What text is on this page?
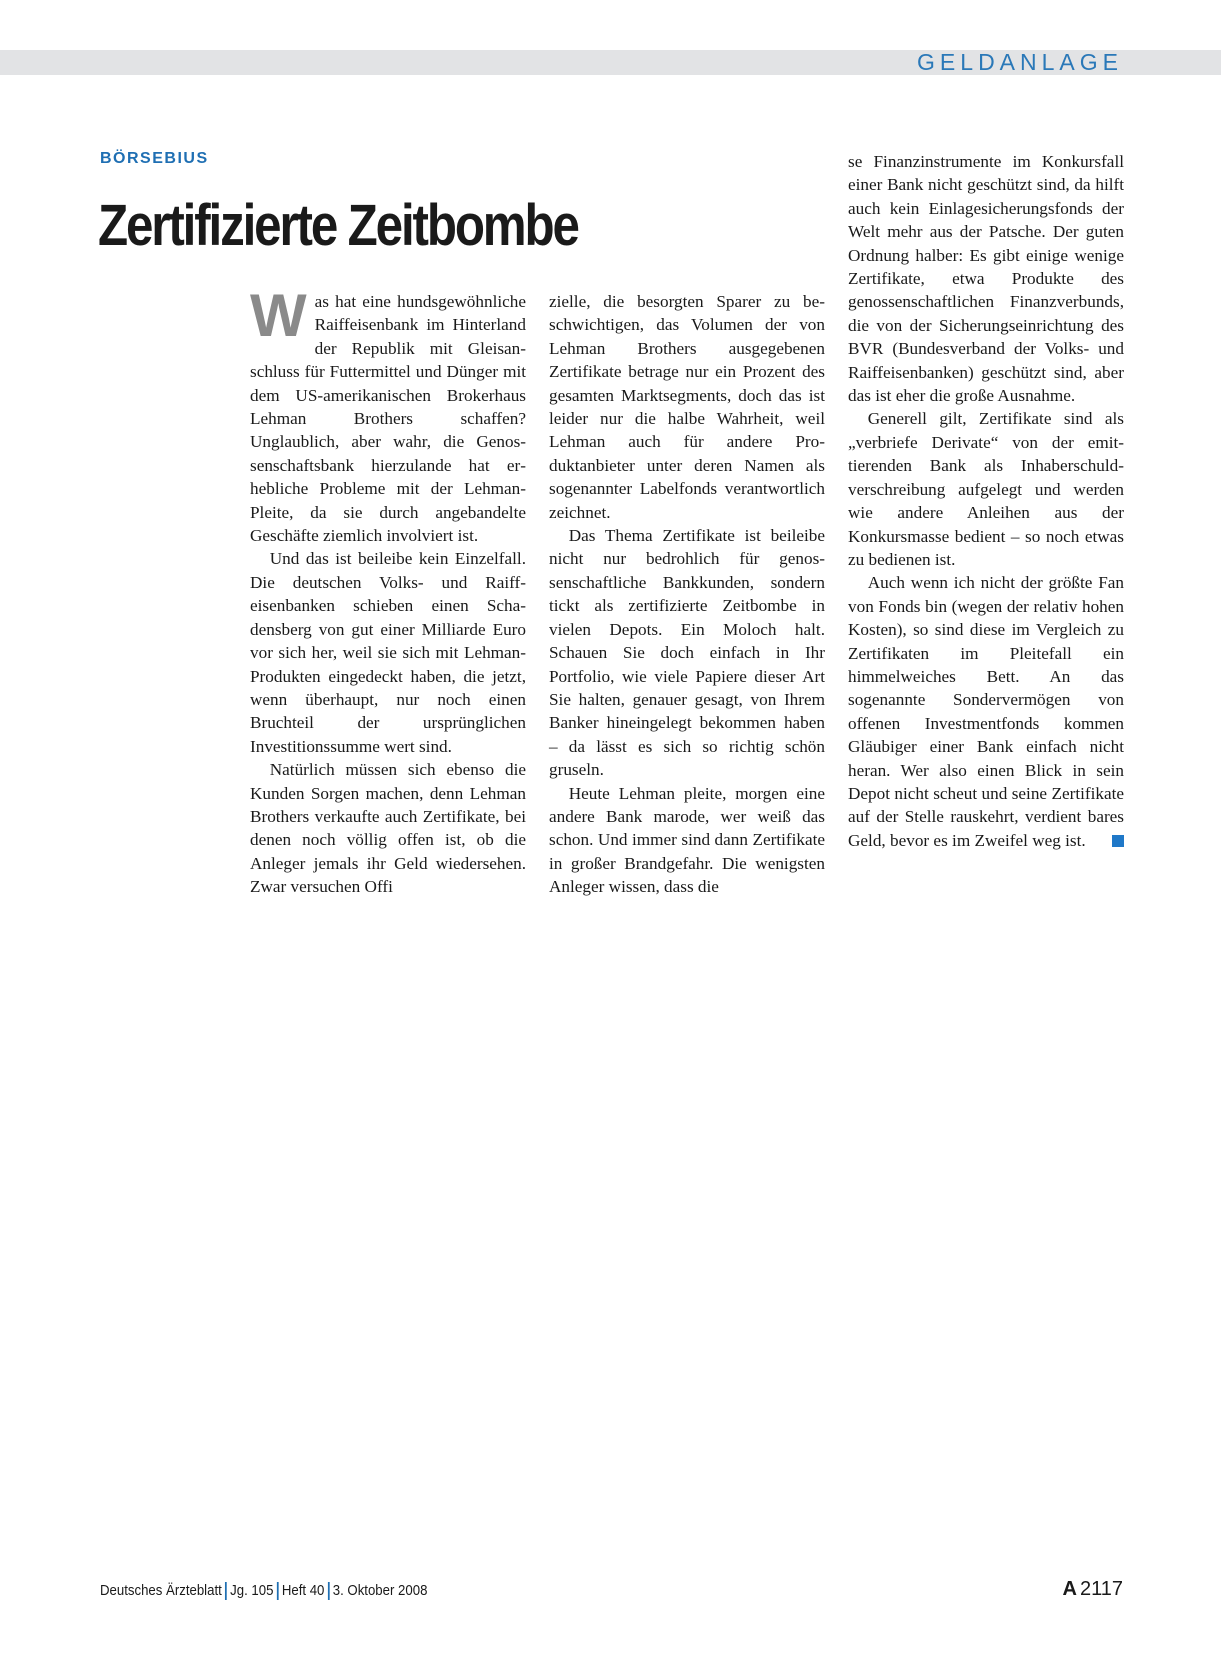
GELDANLAGE
BÖRSEBIUS
Zertifizierte Zeitbombe

Was hat eine hundsgewöhnliche Raiffeisenbank im Hinterland der Republik mit Gleisanschluss für Futtermittel und Dünger mit dem US-amerikanischen Brokerhaus Lehman Brothers schaffen? Unglaublich, aber wahr, die Genossenschaftsbank hierzulande hat erhebliche Probleme mit der Lehman-Pleite, da sie durch angebandelte Geschäfte ziemlich involviert ist.

Und das ist beileibe kein Einzelfall. Die deutschen Volks- und Raiffeisenbanken schieben einen Schadensberg von gut einer Milliarde Euro vor sich her, weil sie sich mit Lehman-Produkten eingedeckt haben, die jetzt, wenn überhaupt, nur noch einen Bruchteil der ursprünglichen Investitionssumme wert sind.

Natürlich müssen sich ebenso die Kunden Sorgen machen, denn Lehman Brothers verkaufte auch Zertifikate, bei denen noch völlig offen ist, ob die Anleger jemals ihr Geld wiedersehen. Zwar versuchen Offi

zielle, die besorgten Sparer zu beschwichtigen, das Volumen der von Lehman Brothers ausgegebenen Zertifikate betrage nur ein Prozent des gesamten Marktsegments, doch das ist leider nur die halbe Wahrheit, weil Lehman auch für andere Produktanbieter unter deren Namen als sogenannter Labelfonds verantwortlich zeichnet.

Das Thema Zertifikate ist beileibe nicht nur bedrohlich für genossenschaftliche Bankkunden, sondern tickt als zertifizierte Zeitbombe in vielen Depots. Ein Moloch halt. Schauen Sie doch einfach in Ihr Portfolio, wie viele Papiere dieser Art Sie halten, genauer gesagt, von Ihrem Banker hineingelegt bekommen haben – da lässt es sich so richtig schön gruseln.

Heute Lehman pleite, morgen eine andere Bank marode, wer weiß das schon. Und immer sind dann Zertifikate in großer Brandgefahr. Die wenigsten Anleger wissen, dass die

se Finanzinstrumente im Konkursfall einer Bank nicht geschützt sind, da hilft auch kein Einlagesicherungsfonds der Welt mehr aus der Patsche. Der guten Ordnung halber: Es gibt einige wenige Zertifikate, etwa Produkte des genossenschaftlichen Finanzverbunds, die von der Sicherungseinrichtung des BVR (Bundesverband der Volks- und Raiffeisenbanken) geschützt sind, aber das ist eher die große Ausnahme.

Generell gilt, Zertifikate sind als „verbriefe Derivate“ von der emittierenden Bank als Inhaberschuldverschreibung aufgelegt und werden wie andere Anleihen aus der Konkursmasse bedient – so noch etwas zu bedienen ist.

Auch wenn ich nicht der größte Fan von Fonds bin (wegen der relativ hohen Kosten), so sind diese im Vergleich zu Zertifikaten im Pleitefall ein himmelweiches Bett. An das sogenannte Sondervermögen von offenen Investmentfonds kommen Gläubiger einer Bank einfach nicht heran. Wer also einen Blick in sein Depot nicht scheut und seine Zertifikate auf der Stelle rauskehrt, verdient bares Geld, bevor es im Zweifel weg ist.

Deutsches Ärzteblatt Jg. 105 Heft 40 3. Oktober 2008	A 2117
